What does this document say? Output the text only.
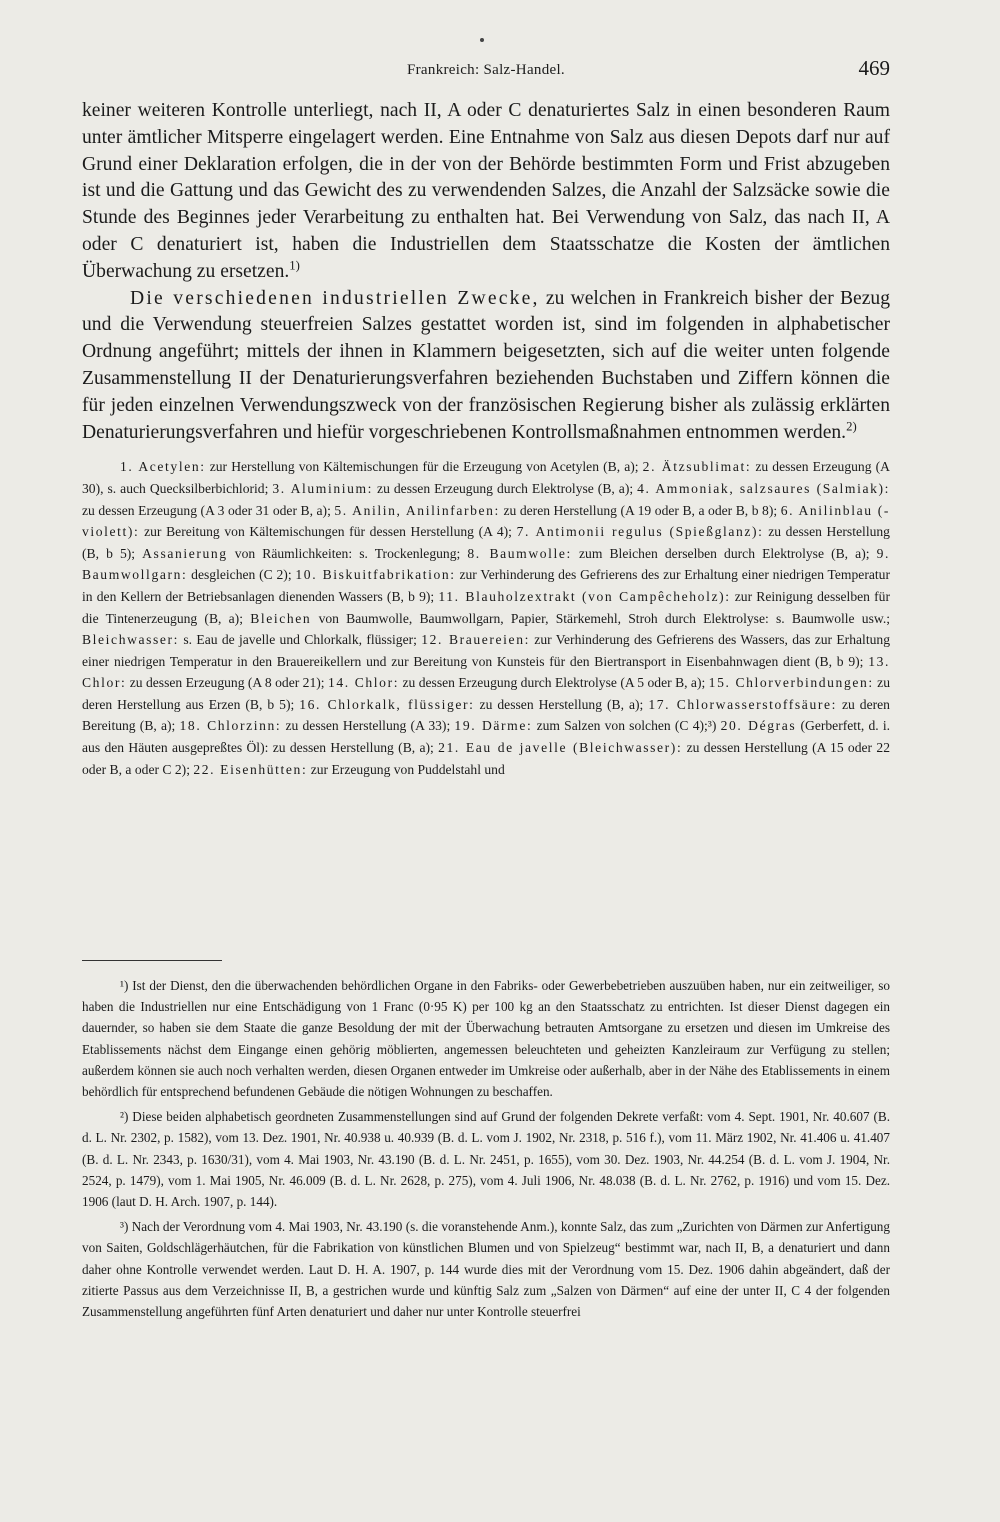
Frankreich: Salz-Handel.	469

keiner weiteren Kontrolle unterliegt, nach II, A oder C denaturiertes Salz in einen besonderen Raum unter ämtlicher Mitsperre eingelagert werden. Eine Entnahme von Salz aus diesen Depots darf nur auf Grund einer Deklaration erfolgen, die in der von der Behörde bestimmten Form und Frist abzugeben ist und die Gattung und das Gewicht des zu verwendenden Salzes, die Anzahl der Salzsäcke sowie die Stunde des Beginnes jeder Verarbeitung zu enthalten hat. Bei Verwendung von Salz, das nach II, A oder C denaturiert ist, haben die Industriellen dem Staatsschatze die Kosten der ämtlichen Überwachung zu ersetzen.$^{1)}$

Die verschiedenen industriellen Zwecke, zu welchen in Frankreich bisher der Bezug und die Verwendung steuerfreien Salzes gestattet worden ist, sind im folgenden in alphabetischer Ordnung angeführt; mittels der ihnen in Klammern beigesetzten, sich auf die weiter unten folgende Zusammenstellung II der Denaturierungsverfahren beziehenden Buchstaben und Ziffern können die für jeden einzelnen Verwendungszweck von der französischen Regierung bisher als zulässig erklärten Denaturierungsverfahren und hiefür vorgeschriebenen Kontrollsmaßnahmen entnommen werden.$^{2)}$

1. Acetylen: zur Herstellung von Kältemischungen für die Erzeugung von Acetylen (B, a); 2. Ätzsublimat: zu dessen Erzeugung (A 30), s. auch Quecksilberbichlorid; 3. Aluminium: zu dessen Erzeugung durch Elektrolyse (B, a); 4. Ammoniak, salzsaures (Salmiak): zu dessen Erzeugung (A 3 oder 31 oder B, a); 5. Anilin, Anilinfarben: zu deren Herstellung (A 19 oder B, a oder B, b 8); 6. Anilinblau (-violett): zur Bereitung von Kältemischungen für dessen Herstellung (A 4); 7. Antimonii regulus (Spießglanz): zu dessen Herstellung (B, b 5); Assanierung von Räumlichkeiten: s. Trockenlegung; 8. Baumwolle: zum Bleichen derselben durch Elektrolyse (B, a); 9. Baumwollgarn: desgleichen (C 2); 10. Biskuitfabrikation: zur Verhinderung des Gefrierens des zur Erhaltung einer niedrigen Temperatur in den Kellern der Betriebsanlagen dienenden Wassers (B, b 9); 11. Blauholzextrakt (von Campêcheholz): zur Reinigung desselben für die Tintenerzeugung (B, a); Bleichen von Baumwolle, Baumwollgarn, Papier, Stärkemehl, Stroh durch Elektrolyse: s. Baumwolle usw.; Bleichwasser: s. Eau de javelle und Chlorkalk, flüssiger; 12. Brauereien: zur Verhinderung des Gefrierens des Wassers, das zur Erhaltung einer niedrigen Temperatur in den Brauereikellern und zur Bereitung von Kunsteis für den Biertransport in Eisenbahnwagen dient (B, b 9); 13. Chlor: zu dessen Erzeugung (A 8 oder 21); 14. Chlor: zu dessen Erzeugung durch Elektrolyse (A 5 oder B, a); 15. Chlorverbindungen: zu deren Herstellung aus Erzen (B, b 5); 16. Chlorkalk, flüssiger: zu dessen Herstellung (B, a); 17. Chlorwasserstoffsäure: zu deren Bereitung (B, a); 18. Chlorzinn: zu dessen Herstellung (A 33); 19. Därme: zum Salzen von solchen (C 4);³) 20. Dégras (Gerberfett, d. i. aus den Häuten ausgepreßtes Öl): zu dessen Herstellung (B, a); 21. Eau de javelle (Bleichwasser): zu dessen Herstellung (A 15 oder 22 oder B, a oder C 2); 22. Eisenhütten: zur Erzeugung von Puddelstahl und

¹) Ist der Dienst, den die überwachenden behördlichen Organe in den Fabriks- oder Gewerbebetrieben auszuüben haben, nur ein zeitweiliger, so haben die Industriellen nur eine Entschädigung von 1 Franc (0·95 K) per 100 kg an den Staatsschatz zu entrichten. Ist dieser Dienst dagegen ein dauernder, so haben sie dem Staate die ganze Besoldung der mit der Überwachung betrauten Amtsorgane zu ersetzen und diesen im Umkreise des Etablissements nächst dem Eingange einen gehörig möblierten, angemessen beleuchteten und geheizten Kanzleiraum zur Verfügung zu stellen; außerdem können sie auch noch verhalten werden, diesen Organen entweder im Umkreise oder außerhalb, aber in der Nähe des Etablissements in einem behördlich für entsprechend befundenen Gebäude die nötigen Wohnungen zu beschaffen.

²) Diese beiden alphabetisch geordneten Zusammenstellungen sind auf Grund der folgenden Dekrete verfaßt: vom 4. Sept. 1901, Nr. 40.607 (B. d. L. Nr. 2302, p. 1582), vom 13. Dez. 1901, Nr. 40.938 u. 40.939 (B. d. L. vom J. 1902, Nr. 2318, p. 516 f.), vom 11. März 1902, Nr. 41.406 u. 41.407 (B. d. L. Nr. 2343, p. 1630/31), vom 4. Mai 1903, Nr. 43.190 (B. d. L. Nr. 2451, p. 1655), vom 30. Dez. 1903, Nr. 44.254 (B. d. L. vom J. 1904, Nr. 2524, p. 1479), vom 1. Mai 1905, Nr. 46.009 (B. d. L. Nr. 2628, p. 275), vom 4. Juli 1906, Nr. 48.038 (B. d. L. Nr. 2762, p. 1916) und vom 15. Dez. 1906 (laut D. H. Arch. 1907, p. 144).

³) Nach der Verordnung vom 4. Mai 1903, Nr. 43.190 (s. die voranstehende Anm.), konnte Salz, das zum „Zurichten von Därmen zur Anfertigung von Saiten, Goldschlägerhäutchen, für die Fabrikation von künstlichen Blumen und von Spielzeug“ bestimmt war, nach II, B, a denaturiert und dann daher ohne Kontrolle verwendet werden. Laut D. H. A. 1907, p. 144 wurde dies mit der Verordnung vom 15. Dez. 1906 dahin abgeändert, daß der zitierte Passus aus dem Verzeichnisse II, B, a gestrichen wurde und künftig Salz zum „Salzen von Därmen“ auf eine der unter II, C 4 der folgenden Zusammenstellung angeführten fünf Arten denaturiert und daher nur unter Kontrolle steuerfrei
